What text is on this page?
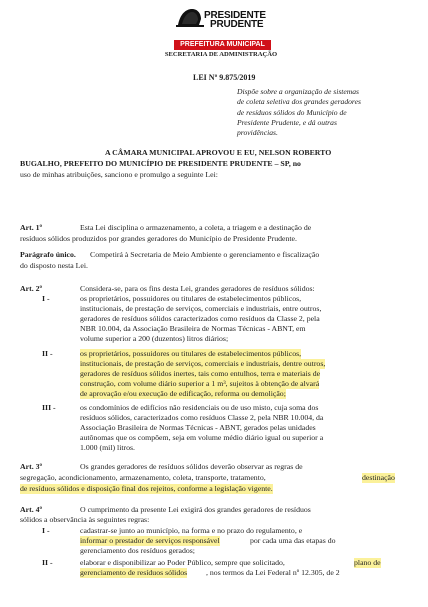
PRESIDENTE
PRUDENTE
PREFEITURA MUNICIPAL
SECRETARIA DE ADMINISTRAÇÃO
LEI Nº 9.875/2019
Dispõe sobre a organização de sistemas
de coleta seletiva dos grandes geradores
de resíduos sólidos do Município de
Presidente Prudente, e dá outras
providências.
A CÂMARA MUNICIPAL APROVOU E EU, NELSON ROBERTO
BUGALHO, PREFEITO DO MUNICÍPIO DE PRESIDENTE PRUDENTE – SP, no
uso de minhas atribuições, sanciono e promulgo a seguinte Lei:
Art. 1º	Esta Lei disciplina o armazenamento, a coleta, a triagem e a destinação de
resíduos sólidos produzidos por grandes geradores do Município de Presidente Prudente.
Parágrafo único. Competirá à Secretaria de Meio Ambiente o gerenciamento e fiscalização
do disposto nesta Lei.
Art. 2º	Considera-se, para os fins desta Lei, grandes geradores de resíduos sólidos:
I -	os proprietários, possuidores ou titulares de estabelecimentos públicos,
institucionais, de prestação de serviços, comerciais e industriais, entre outros,
geradores de resíduos sólidos caracterizados como resíduos da Classe 2, pela
NBR 10.004, da Associação Brasileira de Normas Técnicas - ABNT, em
volume superior a 200 (duzentos) litros diários;
II -	os proprietários, possuidores ou titulares de estabelecimentos públicos,
institucionais, de prestação de serviços, comerciais e industriais, dentre outros,
geradores de resíduos sólidos inertes, tais como entulhos, terra e materiais de
construção, com volume diário superior a 1 m³, sujeitos à obtenção de alvará
de aprovação e/ou execução de edificação, reforma ou demolição;
III -	os condomínios de edifícios não residenciais ou de uso misto, cuja soma dos
resíduos sólidos, caracterizados como resíduos Classe 2, pela NBR 10.004, da
Associação Brasileira de Normas Técnicas - ABNT, gerados pelas unidades
autônomas que os compõem, seja em volume médio diário igual ou superior a
1.000 (mil) litros.
Art. 3º	Os grandes geradores de resíduos sólidos deverão observar as regras de
segregação, acondicionamento, armazenamento, coleta, transporte, tratamento,	destinação
de resíduos sólidos e disposição final dos rejeitos, conforme a legislação vigente.
Art. 4º	O cumprimento da presente Lei exigirá dos grandes geradores de resíduos
sólidos a observância às seguintes regras:
I -	cadastrar-se junto ao município, na forma e no prazo do regulamento, e
informar o prestador de serviços responsável	por cada uma das etapas do
gerenciamento dos resíduos gerados;
II -	elaborar e disponibilizar ao Poder Público, sempre que solicitado,	plano de
gerenciamento de resíduos sólidos , nos termos da Lei Federal nº 12.305, de 2
